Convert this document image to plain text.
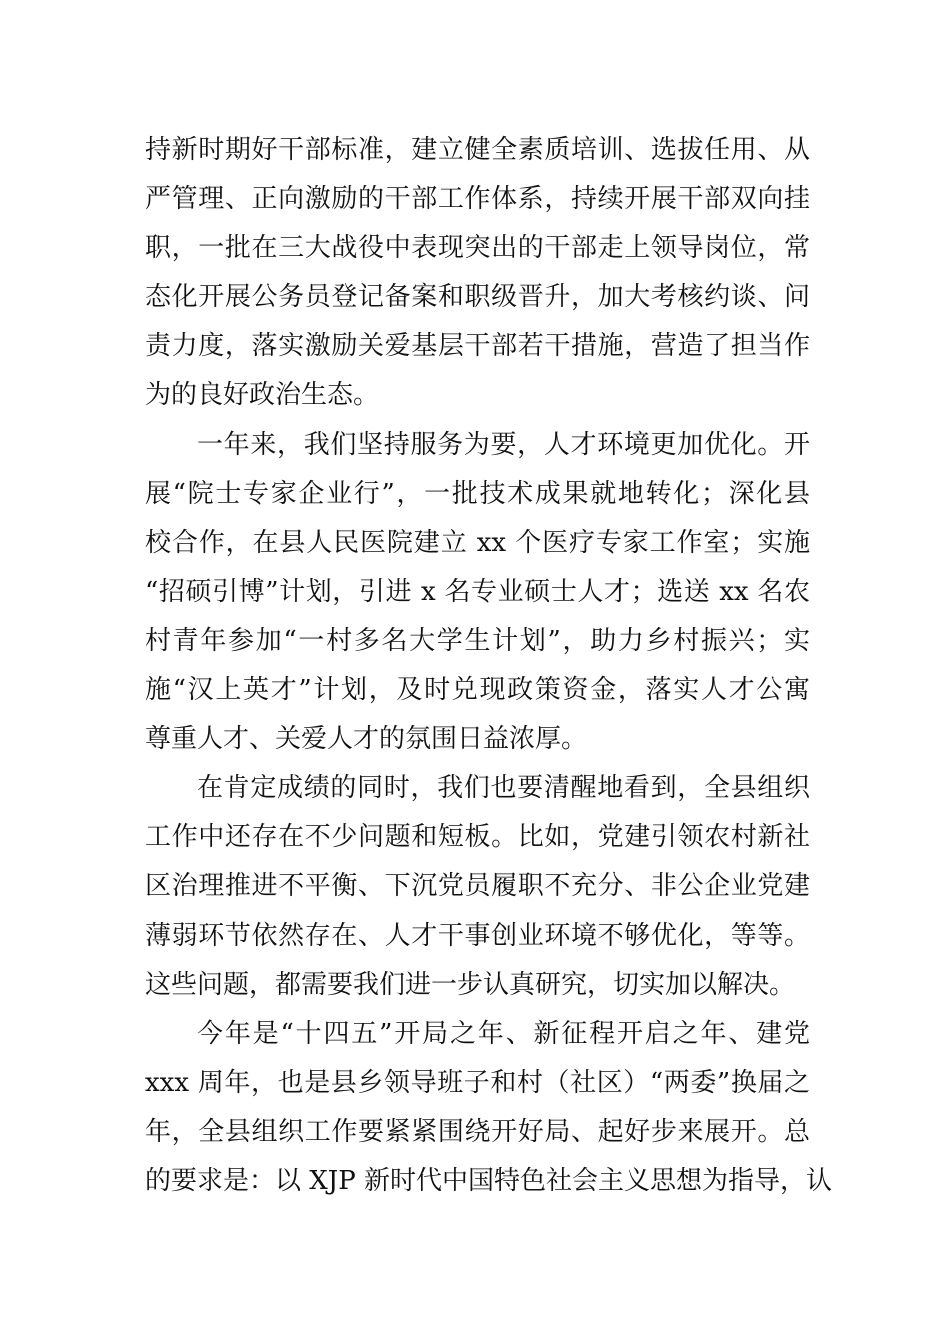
持新时期好干部标准，建立健全素质培训、选拔任用、从
严管理、正向激励的干部工作体系，持续开展干部双向挂
职，一批在三大战役中表现突出的干部走上领导岗位，常
态化开展公务员登记备案和职级晋升，加大考核约谈、问
责力度，落实激励关爱基层干部若干措施，营造了担当作
为的良好政治生态。
一年来，我们坚持服务为要，人才环境更加优化。开
展“院士专家企业行”，一批技术成果就地转化；深化县
校合作，在县人民医院建立 xx 个医疗专家工作室；实施
“招硕引博”计划，引进 x 名专业硕士人才；选送 xx 名农
村青年参加“一村多名大学生计划”，助力乡村振兴；实
施“汉上英才”计划，及时兑现政策资金，落实人才公寓
尊重人才、关爱人才的氛围日益浓厚。
在肯定成绩的同时，我们也要清醒地看到，全县组织
工作中还存在不少问题和短板。比如，党建引领农村新社
区治理推进不平衡、下沉党员履职不充分、非公企业党建
薄弱环节依然存在、人才干事创业环境不够优化，等等。
这些问题，都需要我们进一步认真研究，切实加以解决。
今年是“十四五”开局之年、新征程开启之年、建党
xxx 周年，也是县乡领导班子和村（社区）“两委”换届之
年，全县组织工作要紧紧围绕开好局、起好步来展开。总
的要求是：以 XJP 新时代中国特色社会主义思想为指导，认
